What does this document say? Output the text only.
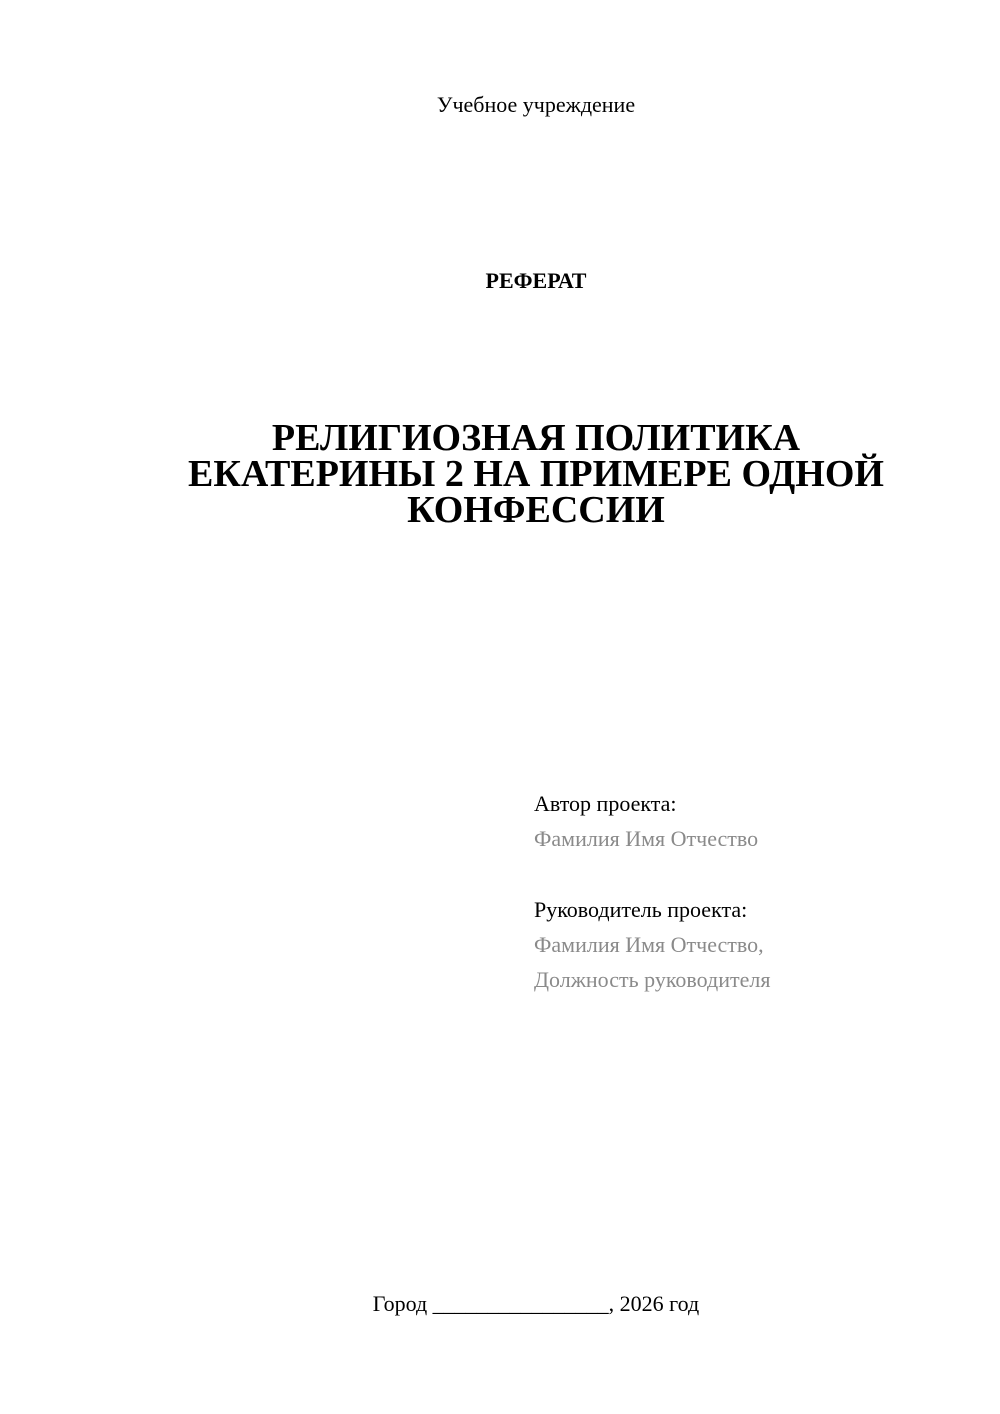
Учебное учреждение
РЕФЕРАТ
РЕЛИГИОЗНАЯ ПОЛИТИКА
ЕКАТЕРИНЫ 2 НА ПРИМЕРЕ ОДНОЙ
КОНФЕССИИ
Автор проекта:
Фамилия Имя Отчество
Руководитель проекта:
Фамилия Имя Отчество,
Должность руководителя
Город ________________, 2026 год
